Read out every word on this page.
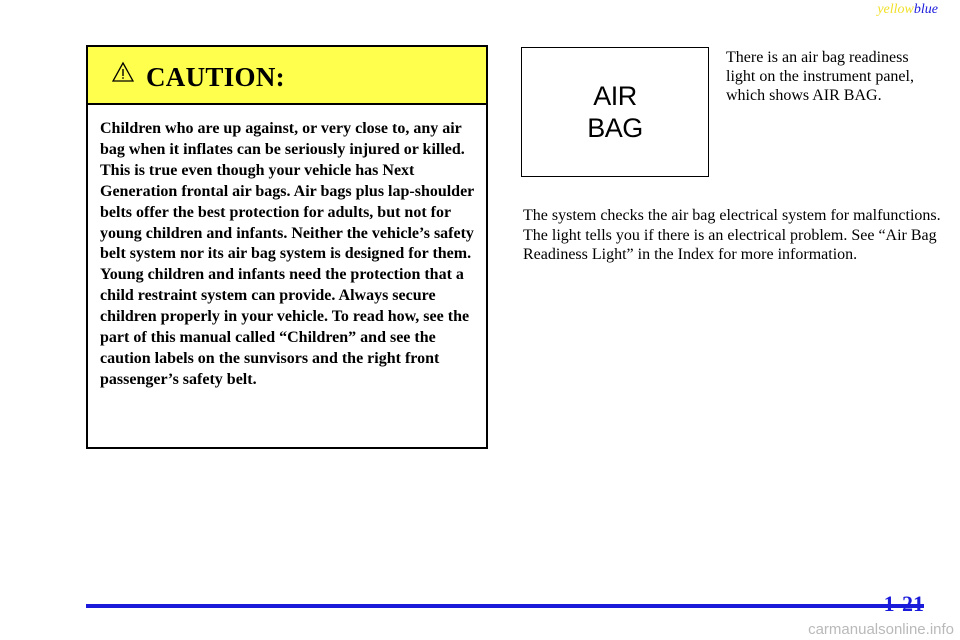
yellowblue
CAUTION:
Children who are up against, or very close to, any air bag when it inflates can be seriously injured or killed. This is true even though your vehicle has Next Generation frontal air bags. Air bags plus lap-shoulder belts offer the best protection for adults, but not for young children and infants. Neither the vehicle’s safety belt system nor its air bag system is designed for them. Young children and infants need the protection that a child restraint system can provide. Always secure children properly in your vehicle. To read how, see the part of this manual called “Children” and see the caution labels on the sunvisors and the right front passenger’s safety belt.
AIR
BAG
There is an air bag readiness light on the instrument panel, which shows AIR BAG.
The system checks the air bag electrical system for malfunctions. The light tells you if there is an electrical problem. See “Air Bag Readiness Light” in the Index for more information.
1-21
carmanualsonline.info
